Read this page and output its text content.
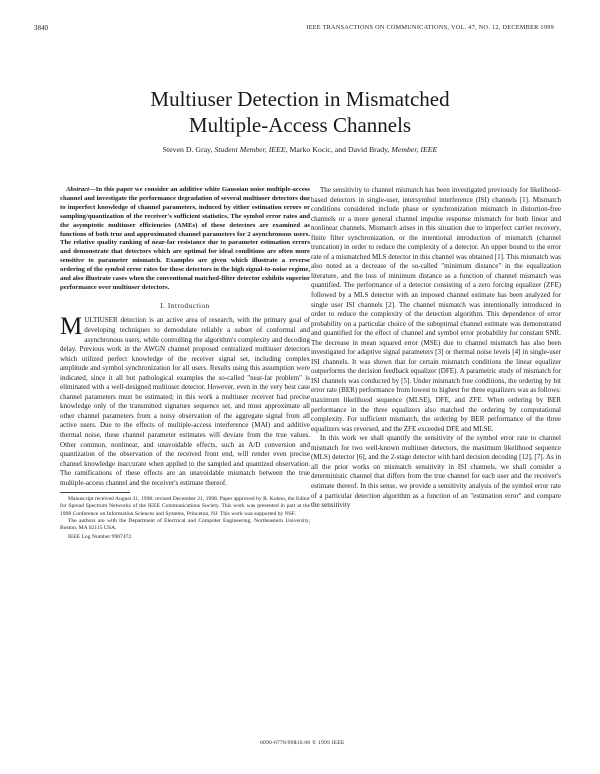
3840	IEEE TRANSACTIONS ON COMMUNICATIONS, VOL. 47, NO. 12, DECEMBER 1999
Multiuser Detection in Mismatched
Multiple-Access Channels
Steven D. Gray, Student Member, IEEE, Marko Kocic, and David Brady, Member, IEEE

Abstract—In this paper we consider an additive white Gaussian noise multiple-access channel and investigate the performance degradation of several multiuser detectors due to imperfect knowledge of channel parameters, induced by either estimation errors or sampling/quantization of the receiver's sufficient statistics. The symbol error rates and the asymptotic multiuser efficiencies (AMEs) of these detectors are examined as functions of both true and approximated channel parameters for 2 asynchronous users. The relative quality ranking of near-far resistance due to parameter estimation errors and demonstrate that detectors which are optimal for ideal conditions are often more sensitive to parameter mismatch. Examples are given which illustrate a reverse ordering of the symbol error rates for these detectors in the high signal-to-noise regime, and also illustrate cases when the conventional matched-filter detector exhibits superior performance over multiuser detectors.

I. Introduction

MULTIUSER detection is an active area of research, with the primary goal of developing techniques to demodulate reliably a subset of conformal and asynchronous users, while controlling the algorithm's complexity and decoding delay. Previous work in the AWGN channel proposed centralized multiuser detectors which utilized perfect knowledge of the receiver signal set, including complex amplitude and symbol synchronization for all users. Results using this assumption were indicated, since it all but pathological examples the so-called "near-far problem" is eliminated with a well-designed multiuser detector. However, even in the very best case channel parameters must be estimated; in this work a multiuser receiver had precise knowledge only of the transmitted signature sequence set, and must approximate all other channel parameters from a noisy observation of the aggregate signal from all active users. Due to the effects of multiple-access interference (MAI) and additive thermal noise, these channel parameter estimates will deviate from the true values. Other common, nonlinear, and unavoidable effects, such as A/D conversion and quantization of the observation of the received front end, will render even precise channel knowledge inaccurate when applied to the sampled and quantized observation. The ramifications of these effects are an unavoidable mismatch between the true multiple-access channel and the receiver's estimate thereof.

Manuscript received August 31, 1998; revised December 21, 1998. Paper approved by R. Kohno, the Editor for Spread Spectrum Networks of the IEEE Communications Society. This work was presented in part at the 1998 Conference on Information Sciences and Systems, Princeton, NJ. This work was supported by NSF.

The authors are with the Department of Electrical and Computer Engineering, Northeastern University, Boston, MA 02115 USA.

IEEE Log Number 9907472.

The sensitivity to channel mismatch has been investigated previously for likelihood-based detectors in single-user, intersymbol interference (ISI) channels [1]. Mismatch conditions considered include phase or synchronization mismatch in distortion-free channels or a more general channel impulse response mismatch for both linear and nonlinear channels. Mismatch arises in this situation due to imperfect carrier recovery, finite filter synchronization, or the intentional introduction of mismatch (channel truncation) in order to reduce the complexity of a detector. An upper bound to the error rate of a mismatched MLS detector in this channel was obtained [1]. This mismatch was also noted as a decrease of the so-called "minimum distance" in the equalization literature, and the loss of minimum distance as a function of channel mismatch was quantified. The performance of a detector consisting of a zero forcing equalizer (ZFE) followed by a MLS detector with an imposed channel estimate has been analyzed for single user ISI channels [2]. The channel mismatch was intentionally introduced in order to reduce the complexity of the detection algorithm. This dependence of error probability on a particular choice of the suboptimal channel estimate was demonstrated and quantified for the effect of channel and symbol error probability for constant SNR. The decrease in mean squared error (MSE) due to channel mismatch has also been investigated for adaptive signal parameters [3] or thermal noise levels [4] in single-user ISI channels. It was shown that for certain mismatch conditions the linear equalizer outperforms the decision feedback equalizer (DFE). A parametric study of mismatch for ISI channels was conducted by [5]. Under mismatch free conditions, the ordering by bit error rate (BER) performance from lowest to highest for three equalizers was as follows: maximum likelihood sequence (MLSE), DFE, and ZFE. When ordering by BER performance in the three equalizers also matched the ordering by computational complexity. For sufficient mismatch, the ordering by BER performance of the three equalizers was reversed, and the ZFE exceeded DFE and MLSE.

In this work we shall quantify the sensitivity of the symbol error rate to channel mismatch for two well-known multiuser detectors, the maximum likelihood sequence (MLS) detector [6], and the 2-stage detector with hard decision decoding [12], [7]. As in all the prior works on mismatch sensitivity in ISI channels, we shall consider a deterministic channel that differs from the true channel for each user and the receiver's estimate thereof. In this sense, we provide a sensitivity analysis of the symbol error rate of a particular detection algorithm as a function of an "estimation error" and compare the sensitivity

0090-6778/99$10.00 © 1999 IEEE
